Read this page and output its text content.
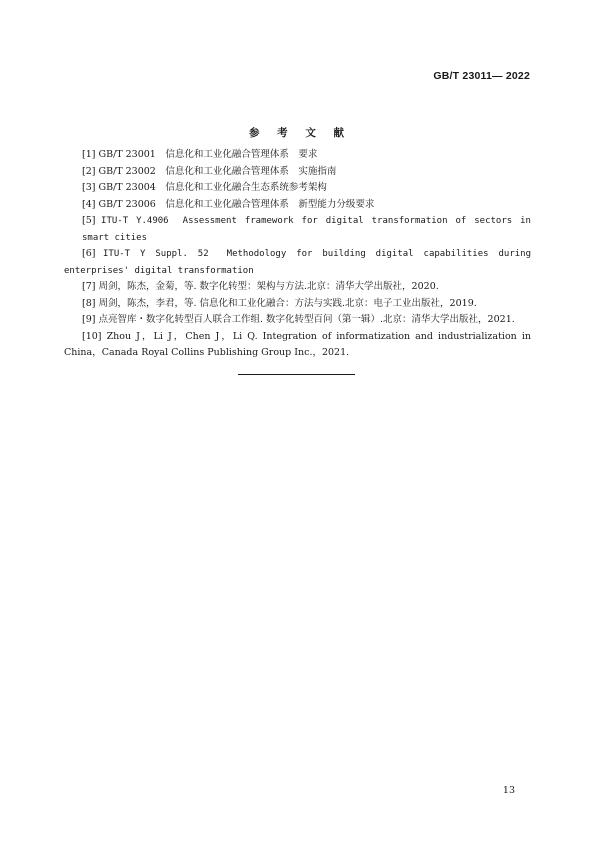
GB/T 23011— 2022
参 考 文 献
[1] GB/T 23001　信息化和工业化融合管理体系　要求
[2] GB/T 23002　信息化和工业化融合管理体系　实施指南
[3] GB/T 23004　信息化和工业化融合生态系统参考架构
[4] GB/T 23006　信息化和工业化融合管理体系　新型能力分级要求
[5] ITU-T Y.4906　Assessment framework for digital transformation of sectors in smart cities
[6] ITU-T Y Suppl. 52　Methodology for building digital capabilities during enterprises' digital transformation
[7] 周剑，陈杰，金菊，等. 数字化转型：架构与方法.北京：清华大学出版社，2020.
[8] 周剑，陈杰，李君，等. 信息化和工业化融合：方法与实践.北京：电子工业出版社，2019.
[9] 点亮智库・数字化转型百人联合工作组. 数字化转型百问（第一辑）.北京：清华大学出版社，2021.
[10] Zhou J，Li J，Chen J，Li Q. Integration of informatization and industrialization in China，Canada Royal Collins Publishing Group Inc.，2021.
13
